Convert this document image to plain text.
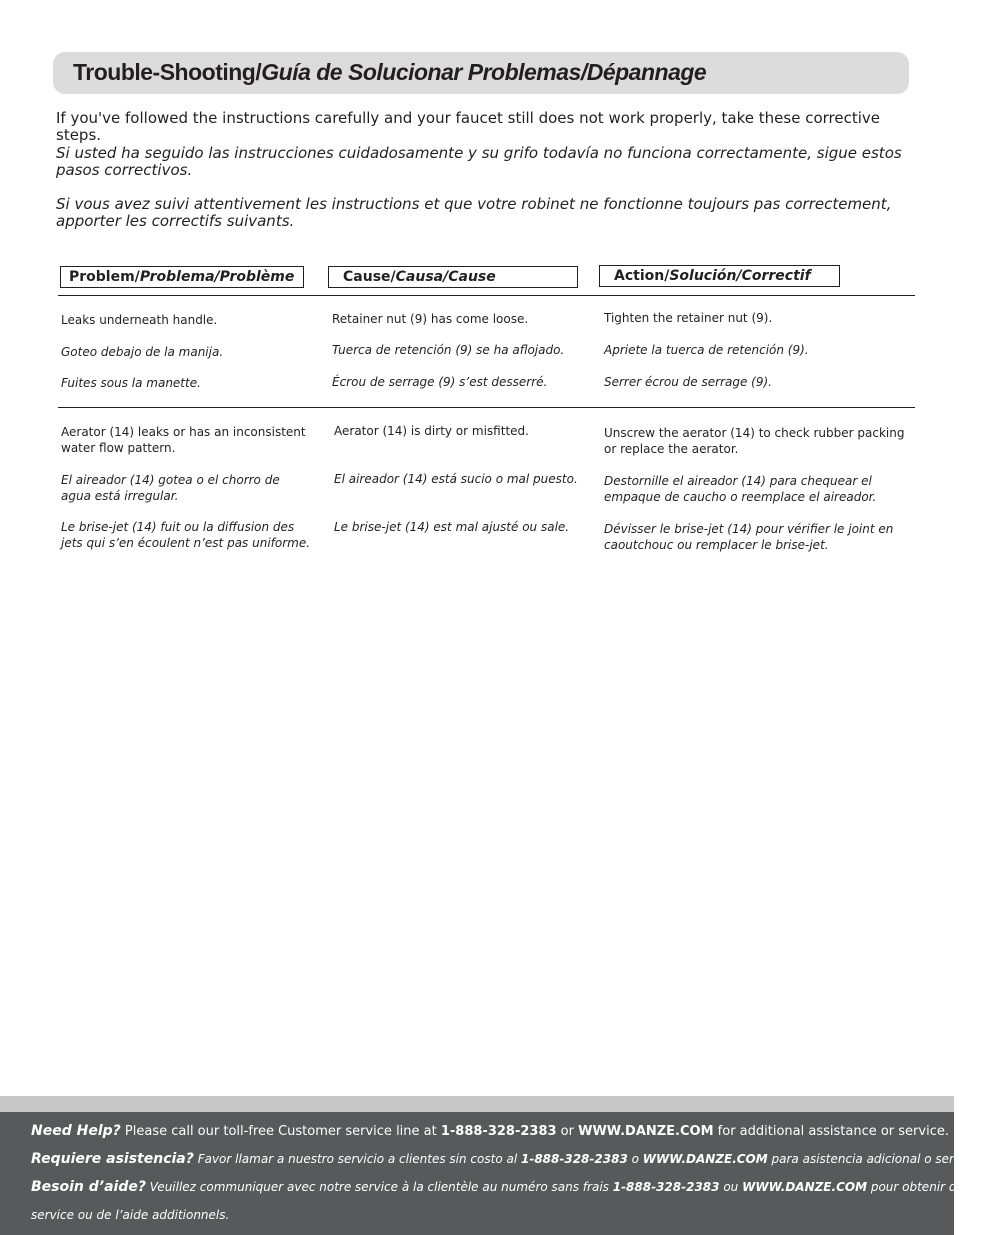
Trouble-Shooting/Guía de Solucionar Problemas/Dépannage
If you've followed the instructions carefully and your faucet still does not work properly, take these corrective steps.
Si usted ha seguido las instrucciones cuidadosamente y su grifo todavía no funciona correctamente, sigue estos pasos correctivos.
Si vous avez suivi attentivement les instructions et que votre robinet ne fonctionne toujours pas correctement, apporter les correctifs suivants.
Problem/Problema/Problème	Cause/Causa/Cause	Action/Solución/Correctif
Leaks underneath handle.
Goteo debajo de la manija.
Fuites sous la manette.
Retainer nut (9) has come loose.
Tuerca de retención (9) se ha aflojado.
Écrou de serrage (9) s’est desserré.
Tighten the retainer nut (9).
Apriete la tuerca de retención (9).
Serrer écrou de serrage (9).
Aerator (14) leaks or has an inconsistent water flow pattern.
El aireador (14) gotea o el chorro de agua está irregular.
Le brise-jet (14) fuit ou la diffusion des jets qui s’en écoulent n’est pas uniforme.
Aerator (14) is dirty or misfitted.
El aireador (14) está sucio o mal puesto.
Le brise-jet (14) est mal ajusté ou sale.
Unscrew the aerator (14) to check rubber packing or replace the aerator.
Destornille el aireador (14) para chequear el empaque de caucho o reemplace el aireador.
Dévisser le brise-jet (14) pour vérifier le joint en caoutchouc ou remplacer le brise-jet.
Need Help? Please call our toll-free Customer service line at 1-888-328-2383 or WWW.DANZE.COM for additional assistance or service.
Requiere asistencia? Favor llamar a nuestro servicio a clientes sin costo al 1-888-328-2383 o WWW.DANZE.COM para asistencia adicional o servicio.
Besoin d’aide? Veuillez communiquer avec notre service à la clientèle au numéro sans frais 1-888-328-2383 ou WWW.DANZE.COM pour obtenir du
service ou de l’aide additionnels.
